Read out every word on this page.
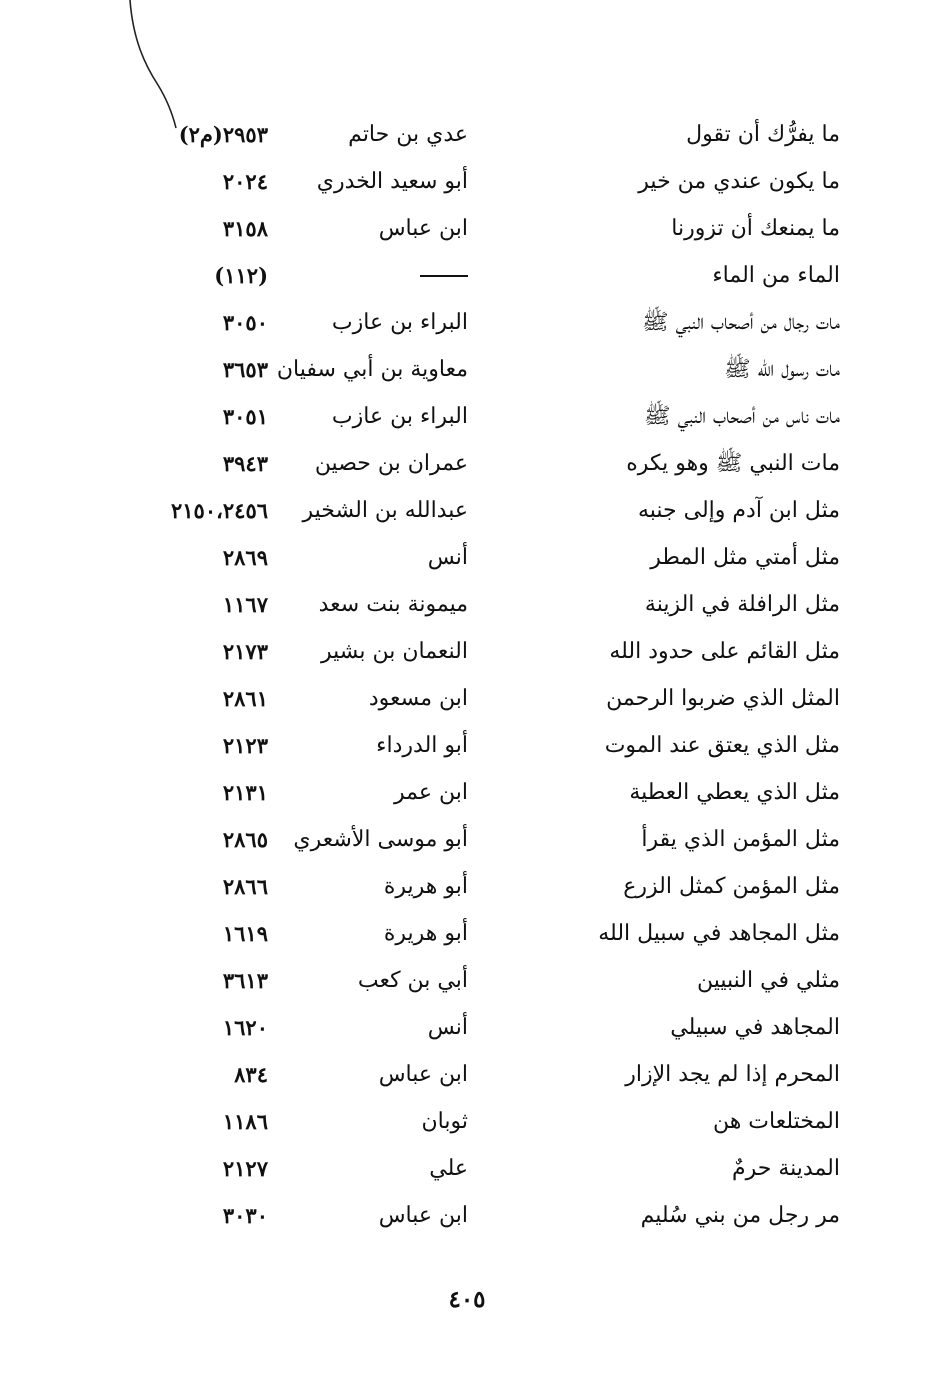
ما يفرُّك أن تقول
عدي بن حاتم
٢٩٥٣(م٢)
ما يكون عندي من خير
أبو سعيد الخدري
٢٠٢٤
ما يمنعك أن تزورنا
ابن عباس
٣١٥٨
الماء من الماء
(١١٢)
مات رجال من أصحاب النبي ﷺ
البراء بن عازب
٣٠٥٠
مات رسول الله ﷺ
معاوية بن أبي سفيان
٣٦٥٣
مات ناس من أصحاب النبي ﷺ
البراء بن عازب
٣٠٥١
مات النبي ﷺ وهو يكره
عمران بن حصين
٣٩٤٣
مثل ابن آدم وإلى جنبه
عبدالله بن الشخير
٢١٥٠،٢٤٥٦
مثل أمتي مثل المطر
أنس
٢٨٦٩
مثل الرافلة في الزينة
ميمونة بنت سعد
١١٦٧
مثل القائم على حدود الله
النعمان بن بشير
٢١٧٣
المثل الذي ضربوا الرحمن
ابن مسعود
٢٨٦١
مثل الذي يعتق عند الموت
أبو الدرداء
٢١٢٣
مثل الذي يعطي العطية
ابن عمر
٢١٣١
مثل المؤمن الذي يقرأ
أبو موسى الأشعري
٢٨٦٥
مثل المؤمن كمثل الزرع
أبو هريرة
٢٨٦٦
مثل المجاهد في سبيل الله
أبو هريرة
١٦١٩
مثلي في النبيين
أبي بن كعب
٣٦١٣
المجاهد في سبيلي
أنس
١٦٢٠
المحرم إذا لم يجد الإزار
ابن عباس
٨٣٤
المختلعات هن
ثوبان
١١٨٦
المدينة حرمٌ
علي
٢١٢٧
مر رجل من بني سُليم
ابن عباس
٣٠٣٠
٤٠٥
